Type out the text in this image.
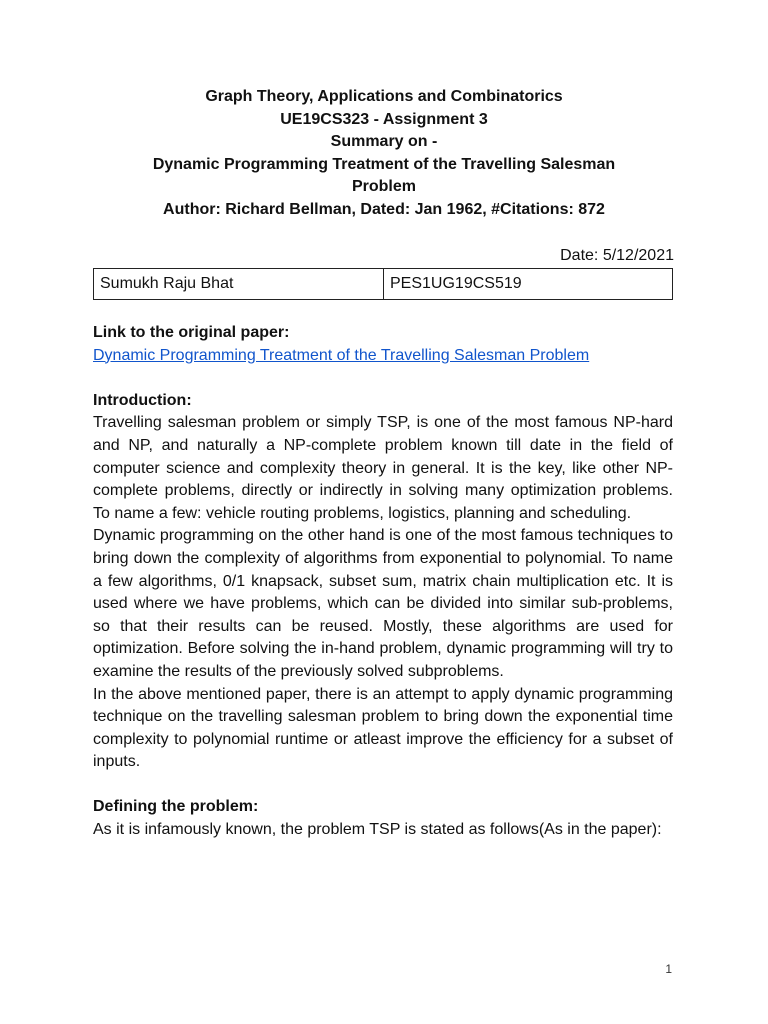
Graph Theory, Applications and Combinatorics
UE19CS323 - Assignment 3
Summary on -
Dynamic Programming Treatment of the Travelling Salesman
Problem
Author: Richard Bellman, Dated: Jan 1962, #Citations: 872
Date: 5/12/2021
Sumukh Raju Bhat	PES1UG19CS519

Link to the original paper:

Dynamic Programming Treatment of the Travelling Salesman Problem

Introduction:

Travelling salesman problem or simply TSP, is one of the most famous NP-hard and NP, and naturally a NP-complete problem known till date in the field of computer science and complexity theory in general. It is the key, like other NP-complete problems, directly or indirectly in solving many optimization problems. To name a few: vehicle routing problems, logistics, planning and scheduling.

Dynamic programming on the other hand is one of the most famous techniques to bring down the complexity of algorithms from exponential to polynomial. To name a few algorithms, 0/1 knapsack, subset sum, matrix chain multiplication etc. It is used where we have problems, which can be divided into similar sub-problems, so that their results can be reused. Mostly, these algorithms are used for optimization. Before solving the in-hand problem, dynamic programming will try to examine the results of the previously solved subproblems.

In the above mentioned paper, there is an attempt to apply dynamic programming technique on the travelling salesman problem to bring down the exponential time complexity to polynomial runtime or atleast improve the efficiency for a subset of inputs.

Defining the problem:

As it is infamously known, the problem TSP is stated as follows(As in the paper):

1
